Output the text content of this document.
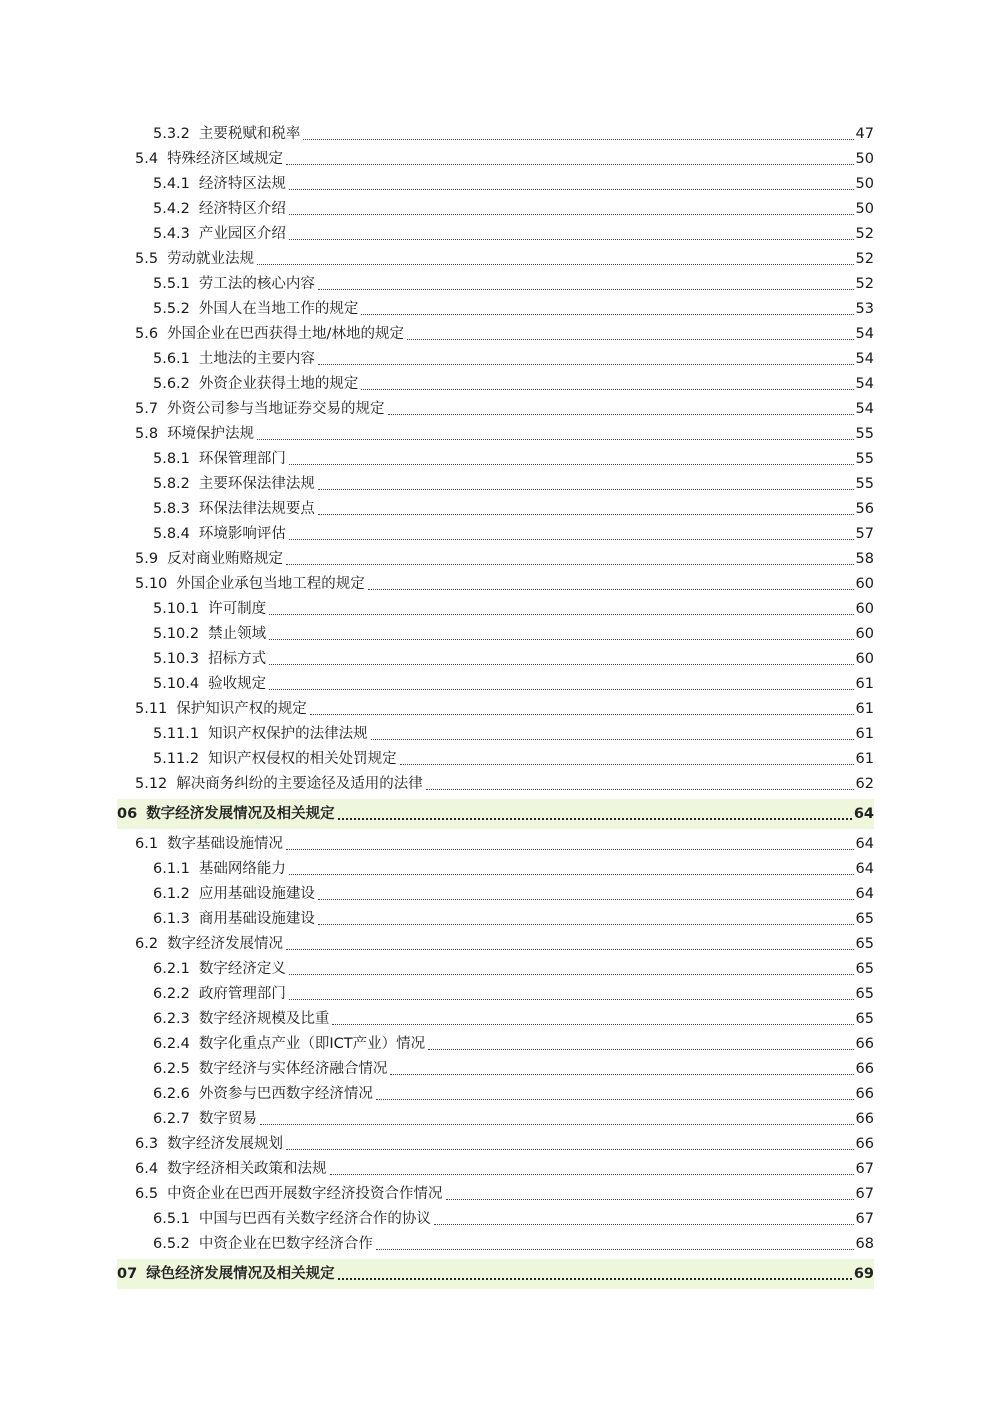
5.3.2 主要税赋和税率	47
5.4 特殊经济区域规定	50
5.4.1 经济特区法规	50
5.4.2 经济特区介绍	50
5.4.3 产业园区介绍	52
5.5 劳动就业法规	52
5.5.1 劳工法的核心内容	52
5.5.2 外国人在当地工作的规定	53
5.6 外国企业在巴西获得土地/林地的规定	54
5.6.1 土地法的主要内容	54
5.6.2 外资企业获得土地的规定	54
5.7 外资公司参与当地证券交易的规定	54
5.8 环境保护法规	55
5.8.1 环保管理部门	55
5.8.2 主要环保法律法规	55
5.8.3 环保法律法规要点	56
5.8.4 环境影响评估	57
5.9 反对商业贿赂规定	58
5.10 外国企业承包当地工程的规定	60
5.10.1 许可制度	60
5.10.2 禁止领域	60
5.10.3 招标方式	60
5.10.4 验收规定	61
5.11 保护知识产权的规定	61
5.11.1 知识产权保护的法律法规	61
5.11.2 知识产权侵权的相关处罚规定	61
5.12 解决商务纠纷的主要途径及适用的法律	62
06 数字经济发展情况及相关规定	64
6.1 数字基础设施情况	64
6.1.1 基础网络能力	64
6.1.2 应用基础设施建设	64
6.1.3 商用基础设施建设	65
6.2 数字经济发展情况	65
6.2.1 数字经济定义	65
6.2.2 政府管理部门	65
6.2.3 数字经济规模及比重	65
6.2.4 数字化重点产业（即ICT产业）情况	66
6.2.5 数字经济与实体经济融合情况	66
6.2.6 外资参与巴西数字经济情况	66
6.2.7 数字贸易	66
6.3 数字经济发展规划	66
6.4 数字经济相关政策和法规	67
6.5 中资企业在巴西开展数字经济投资合作情况	67
6.5.1 中国与巴西有关数字经济合作的协议	67
6.5.2 中资企业在巴数字经济合作	68
07 绿色经济发展情况及相关规定	69
